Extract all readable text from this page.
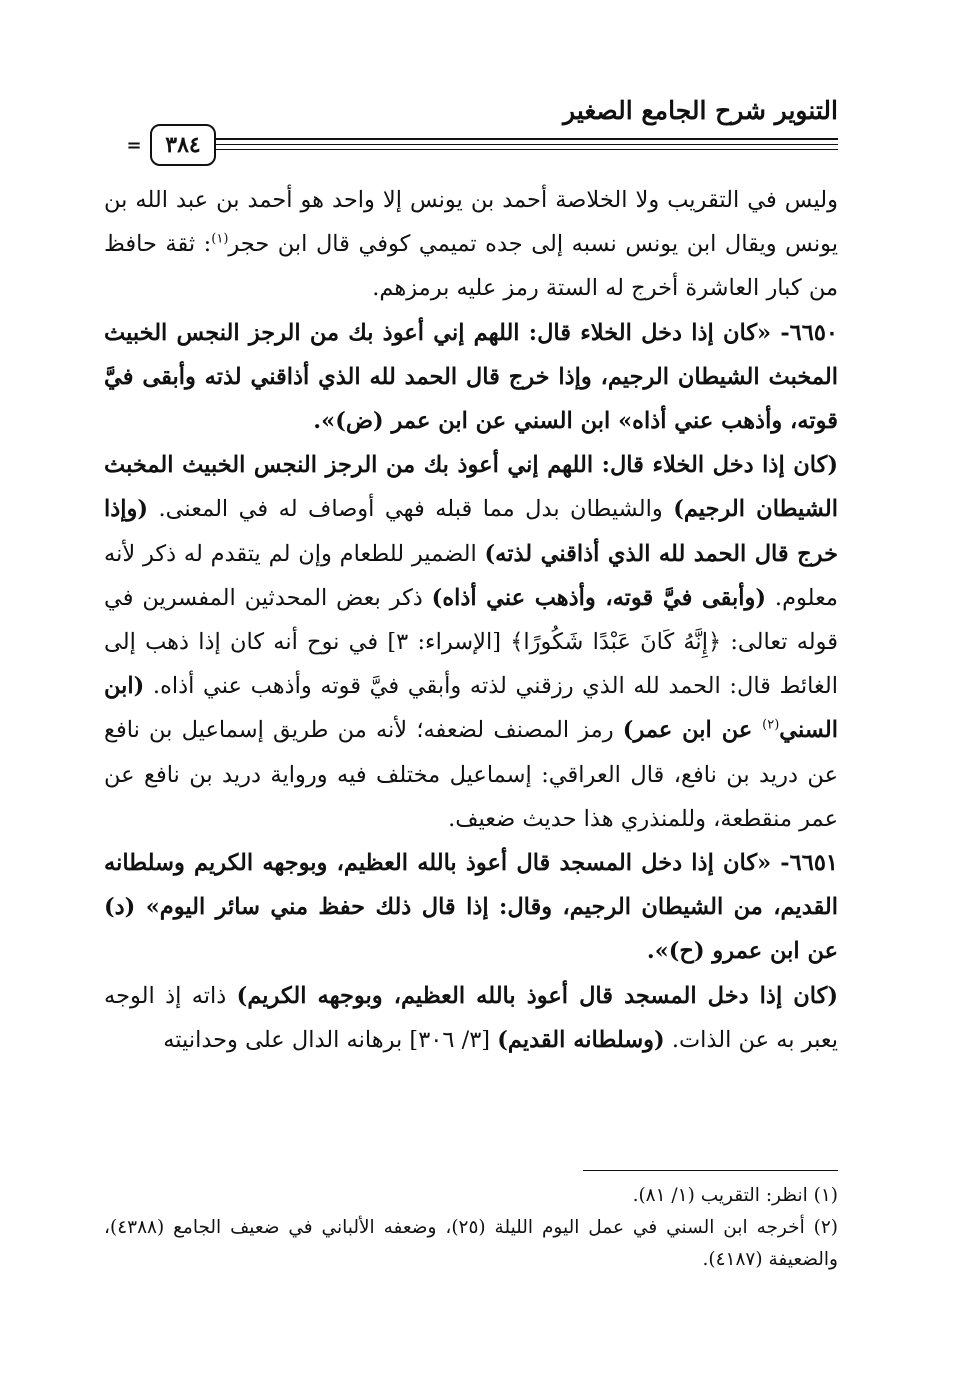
التنوير شرح الجامع الصغير
=	٣٨٤

وليس في التقريب ولا الخلاصة أحمد بن يونس إلا واحد هو أحمد بن عبد الله بن يونس ويقال ابن يونس نسبه إلى جده تميمي كوفي قال ابن حجر$^{(١)}$: ثقة حافظ من كبار العاشرة أخرج له الستة رمز عليه برمزهم.

٦٦٥٠- «كان إذا دخل الخلاء قال: اللهم إني أعوذ بك من الرجز النجس الخبيث المخبث الشيطان الرجيم، وإذا خرج قال الحمد لله الذي أذاقني لذته وأبقى فيَّ قوته، وأذهب عني أذاه» ابن السني عن ابن عمر (ض)».

(كان إذا دخل الخلاء قال: اللهم إني أعوذ بك من الرجز النجس الخبيث المخبث الشيطان الرجيم) والشيطان بدل مما قبله فهي أوصاف له في المعنى. (وإذا خرج قال الحمد لله الذي أذاقني لذته) الضمير للطعام وإن لم يتقدم له ذكر لأنه معلوم. (وأبقى فيَّ قوته، وأذهب عني أذاه) ذكر بعض المحدثين المفسرين في قوله تعالى: ﴿إِنَّهُ كَانَ عَبْدًا شَكُورًا﴾ [الإسراء: ٣] في نوح أنه كان إذا ذهب إلى الغائط قال: الحمد لله الذي رزقني لذته وأبقي فيَّ قوته وأذهب عني أذاه. (ابن السني$^{(٢)}$ عن ابن عمر) رمز المصنف لضعفه؛ لأنه من طريق إسماعيل بن نافع عن دريد بن نافع، قال العراقي: إسماعيل مختلف فيه ورواية دريد بن نافع عن عمر منقطعة، وللمنذري هذا حديث ضعيف.

٦٦٥١- «كان إذا دخل المسجد قال أعوذ بالله العظيم، وبوجهه الكريم وسلطانه القديم، من الشيطان الرجيم، وقال: إذا قال ذلك حفظ مني سائر اليوم» (د) عن ابن عمرو (ح)».

(كان إذا دخل المسجد قال أعوذ بالله العظيم، وبوجهه الكريم) ذاته إذ الوجه يعبر به عن الذات. (وسلطانه القديم) [٣/ ٣٠٦] برهانه الدال على وحدانيته

(١) انظر: التقريب (١/ ٨١).

(٢) أخرجه ابن السني في عمل اليوم الليلة (٢٥)، وضعفه الألباني في ضعيف الجامع (٤٣٨٨)، والضعيفة (٤١٨٧).
